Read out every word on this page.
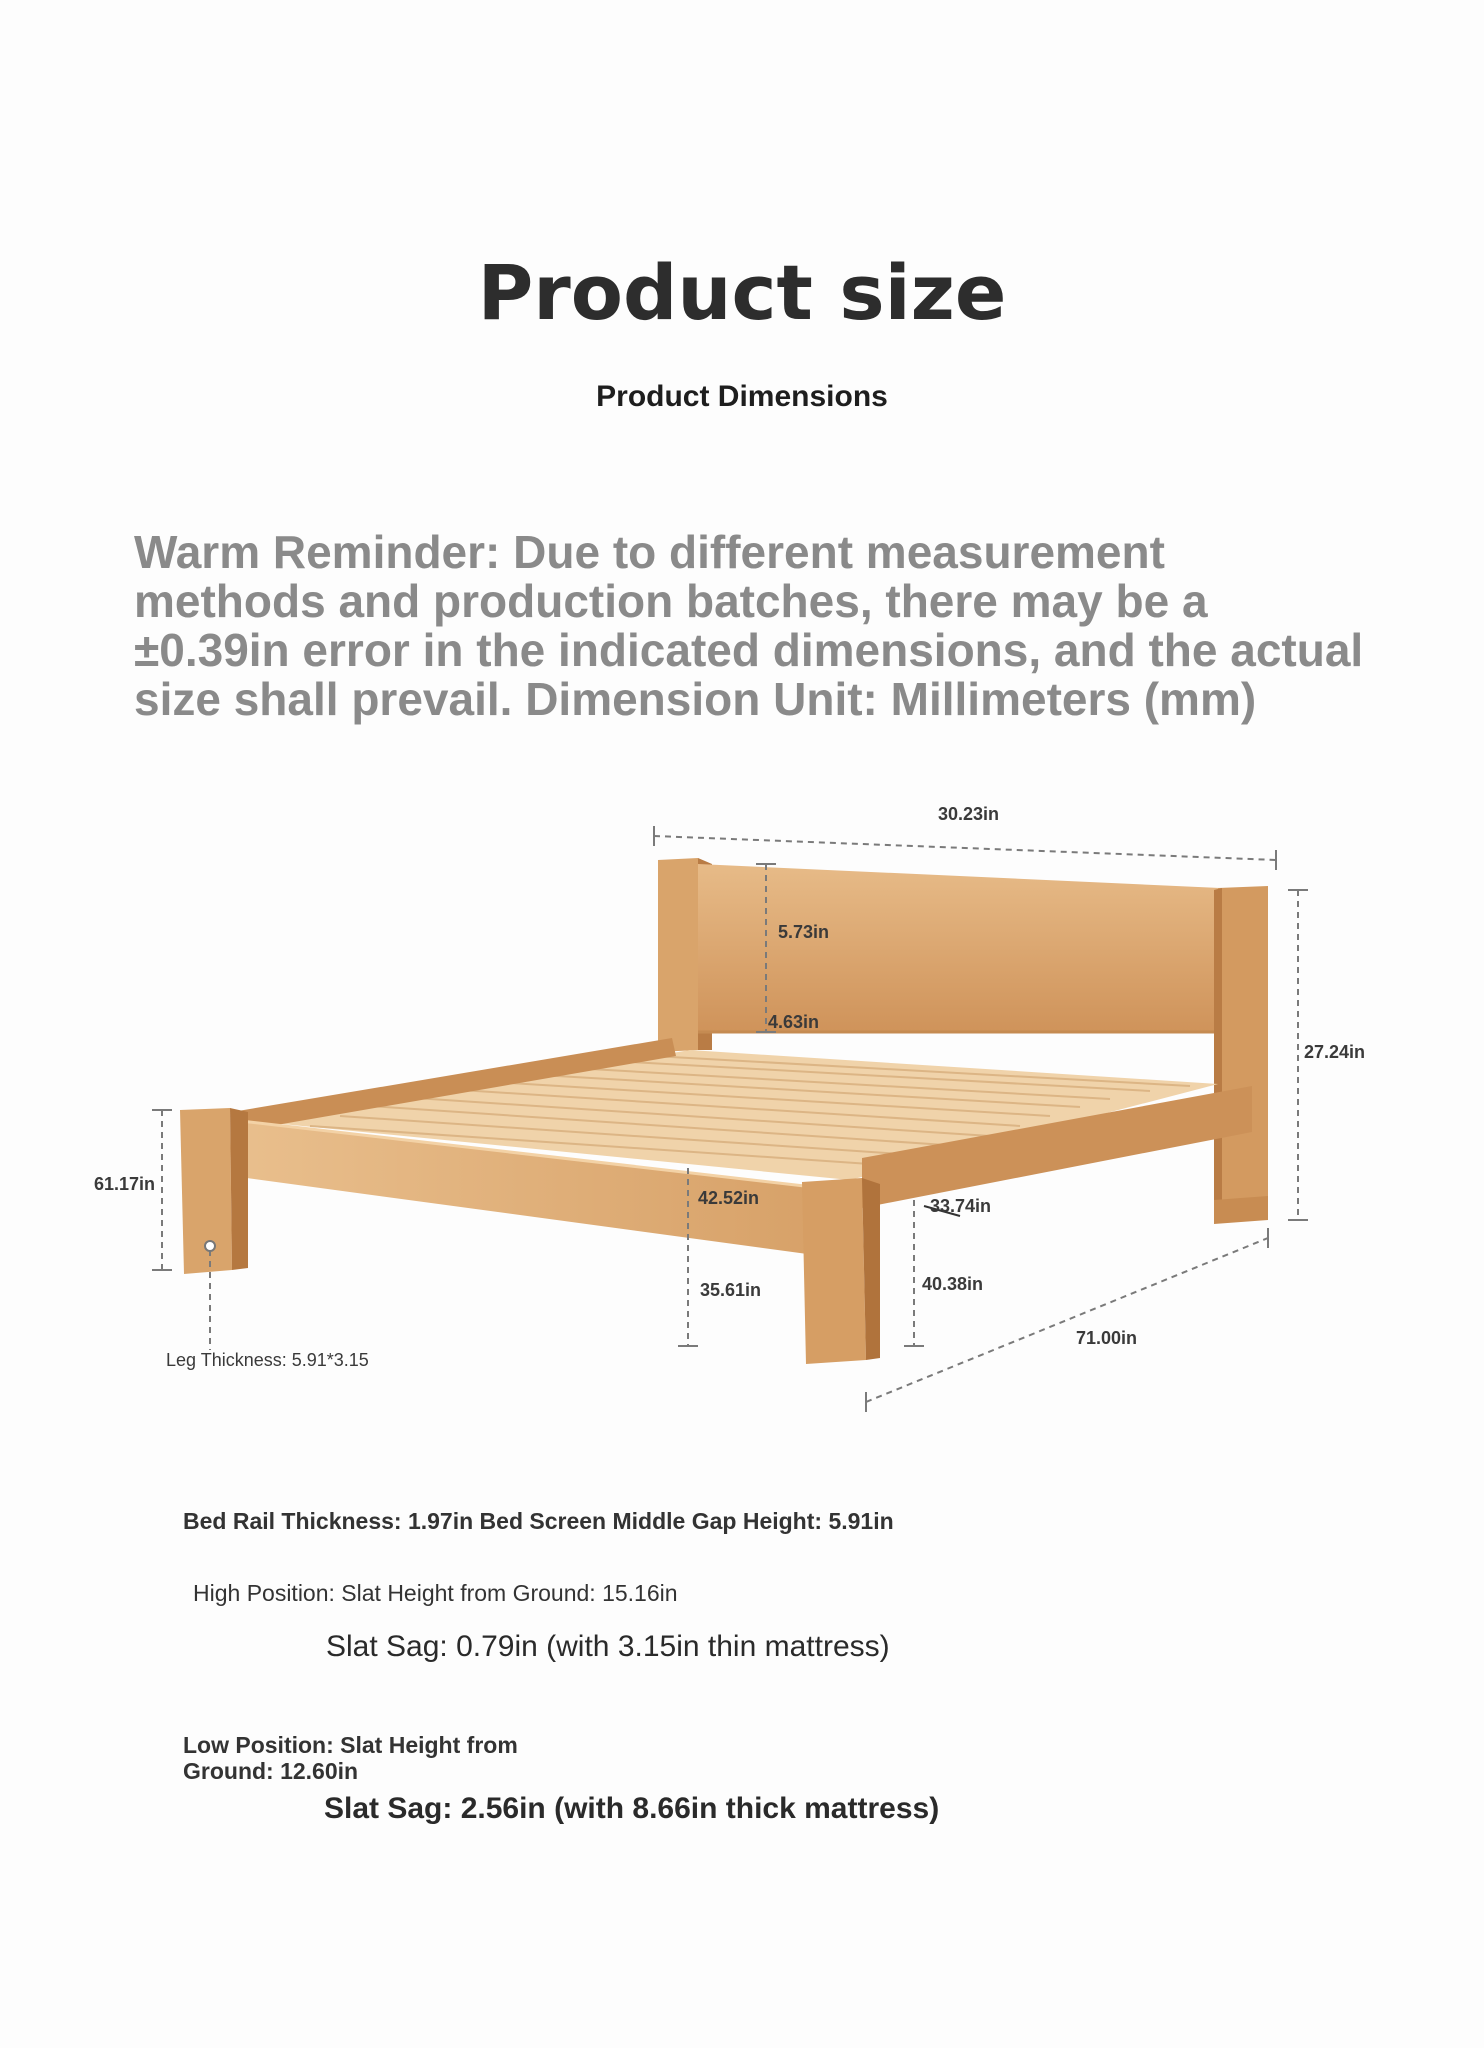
Product size
Product Dimensions
Warm Reminder: Due to different measurement methods and production batches, there may be a ±0.39in error in the indicated dimensions, and the actual size shall prevail. Dimension Unit: Millimeters (mm)
30.23in
5.73in
4.63in
27.24in
61.17in
42.52in	33.74in
35.61in	40.38in
71.00in
Leg Thickness: 5.91*3.15
Bed Rail Thickness: 1.97in Bed Screen Middle Gap Height: 5.91in
High Position: Slat Height from Ground: 15.16in
Slat Sag: 0.79in (with 3.15in thin mattress)
Low Position: Slat Height from Ground: 12.60in
Slat Sag: 2.56in (with 8.66in thick mattress)
